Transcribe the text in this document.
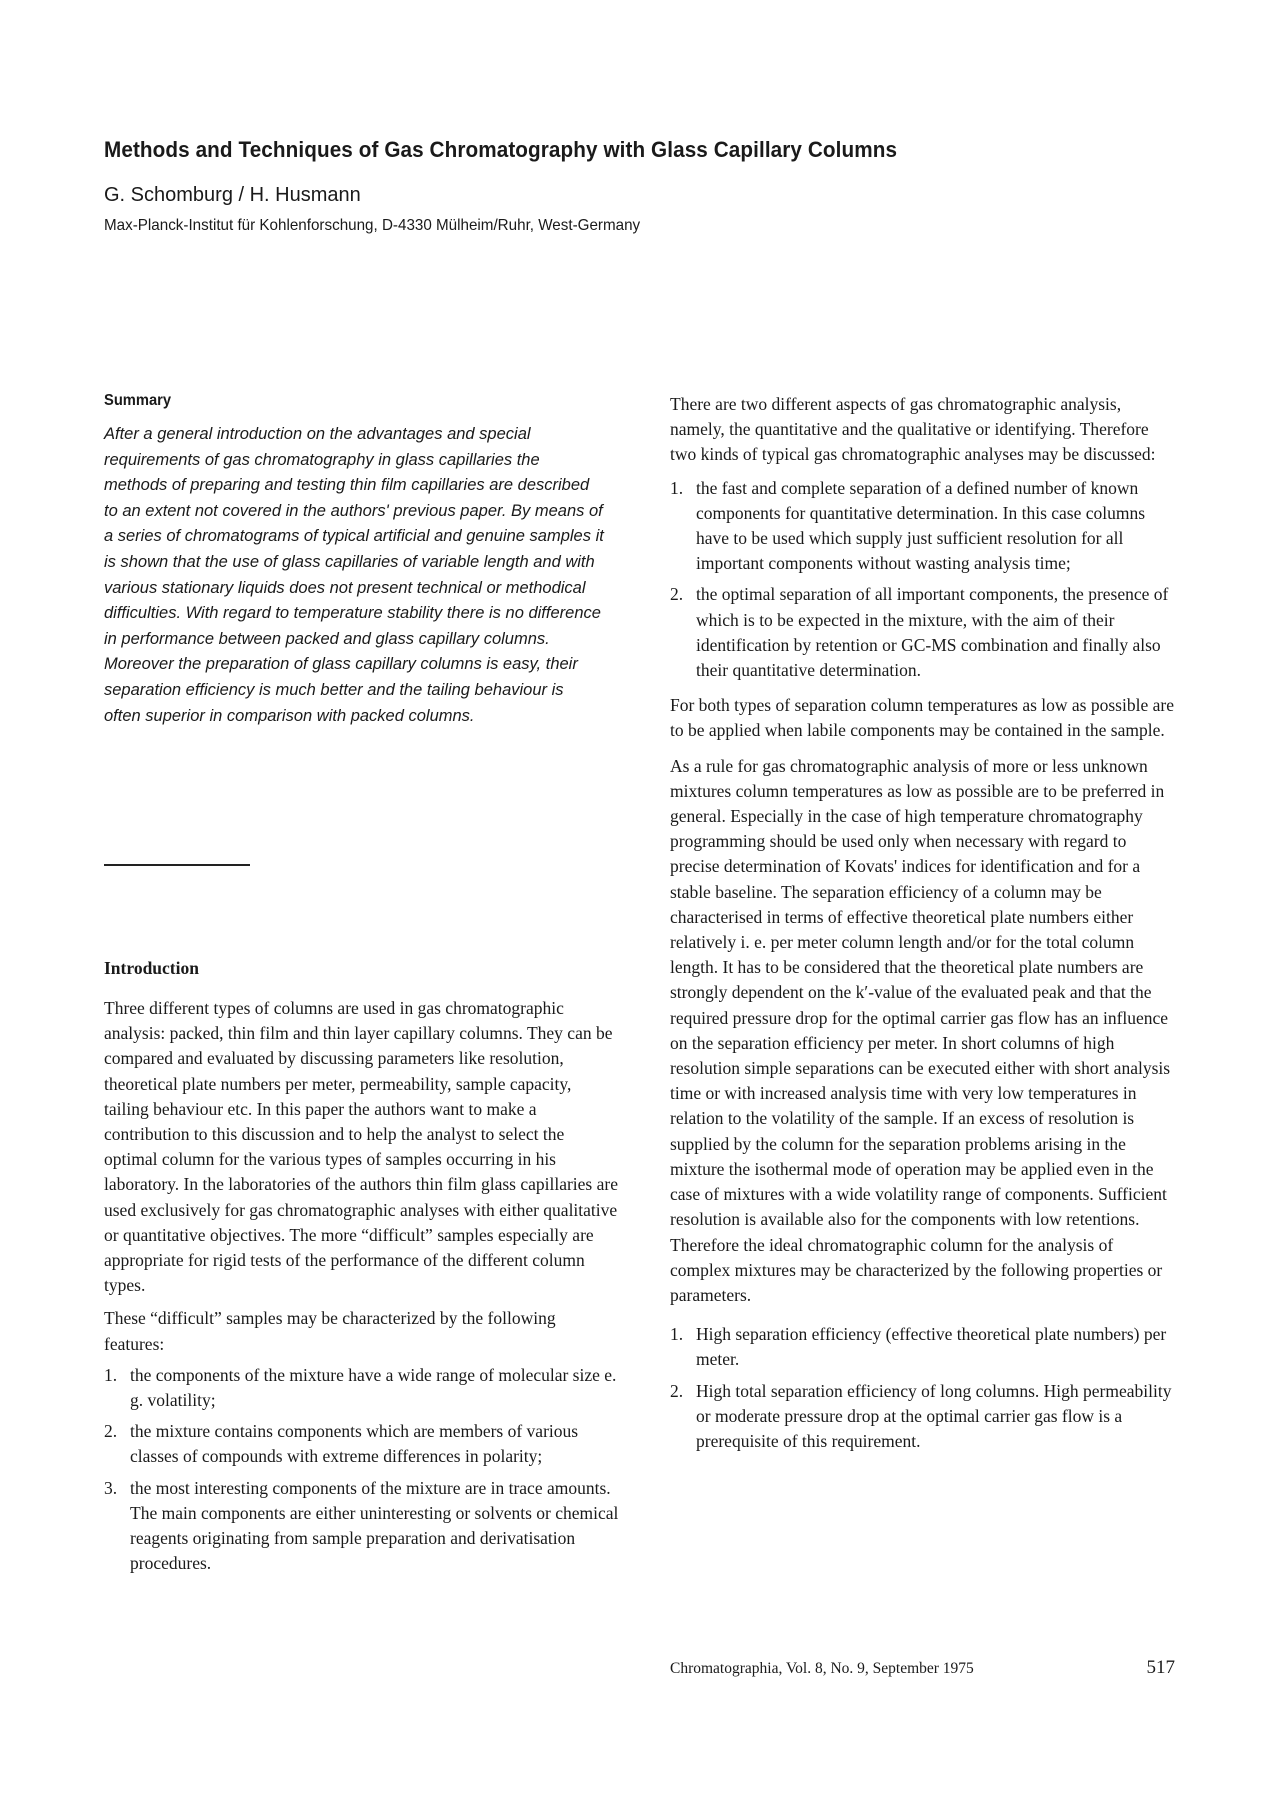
Methods and Techniques of Gas Chromatography with Glass Capillary Columns
G. Schomburg / H. Husmann
Max-Planck-Institut für Kohlenforschung, D-4330 Mülheim/Ruhr, West-Germany
Summary

After a general introduction on the advantages and special requirements of gas chromatography in glass capillaries the methods of preparing and testing thin film capillaries are described to an extent not covered in the authors' previous paper. By means of a series of chromatograms of typical artificial and genuine samples it is shown that the use of glass capillaries of variable length and with various stationary liquids does not present technical or methodical difficulties. With regard to temperature stability there is no difference in performance between packed and glass capillary columns. Moreover the preparation of glass capillary columns is easy, their separation efficiency is much better and the tailing behaviour is often superior in comparison with packed columns.

Introduction

Three different types of columns are used in gas chromatographic analysis: packed, thin film and thin layer capillary columns. They can be compared and evaluated by discussing parameters like resolution, theoretical plate numbers per meter, permeability, sample capacity, tailing behaviour etc. In this paper the authors want to make a contribution to this discussion and to help the analyst to select the optimal column for the various types of samples occurring in his laboratory. In the laboratories of the authors thin film glass capillaries are used exclusively for gas chromatographic analyses with either qualitative or quantitative objectives. The more “difficult” samples especially are appropriate for rigid tests of the performance of the different column types.

These “difficult” samples may be characterized by the following features:

1. the components of the mixture have a wide range of molecular size e. g. volatility;
2. the mixture contains components which are members of various classes of compounds with extreme differences in polarity;
3. the most interesting components of the mixture are in trace amounts. The main components are either uninteresting or solvents or chemical reagents originating from sample preparation and derivatisation procedures.

There are two different aspects of gas chromatographic analysis, namely, the quantitative and the qualitative or identifying. Therefore two kinds of typical gas chromatographic analyses may be discussed:

1. the fast and complete separation of a defined number of known components for quantitative determination. In this case columns have to be used which supply just sufficient resolution for all important components without wasting analysis time;
2. the optimal separation of all important components, the presence of which is to be expected in the mixture, with the aim of their identification by retention or GC-MS combination and finally also their quantitative determination.

For both types of separation column temperatures as low as possible are to be applied when labile components may be contained in the sample.

As a rule for gas chromatographic analysis of more or less unknown mixtures column temperatures as low as possible are to be preferred in general. Especially in the case of high temperature chromatography programming should be used only when necessary with regard to precise determination of Kovats' indices for identification and for a stable baseline. The separation efficiency of a column may be characterised in terms of effective theoretical plate numbers either relatively i. e. per meter column length and/or for the total column length. It has to be considered that the theoretical plate numbers are strongly dependent on the k′-value of the evaluated peak and that the required pressure drop for the optimal carrier gas flow has an influence on the separation efficiency per meter. In short columns of high resolution simple separations can be executed either with short analysis time or with increased analysis time with very low temperatures in relation to the volatility of the sample. If an excess of resolution is supplied by the column for the separation problems arising in the mixture the isothermal mode of operation may be applied even in the case of mixtures with a wide volatility range of components. Sufficient resolution is available also for the components with low retentions. Therefore the ideal chromatographic column for the analysis of complex mixtures may be characterized by the following properties or parameters.

1. High separation efficiency (effective theoretical plate numbers) per meter.
2. High total separation efficiency of long columns. High permeability or moderate pressure drop at the optimal carrier gas flow is a prerequisite of this requirement.
Chromatographia, Vol. 8, No. 9, September 1975	517
